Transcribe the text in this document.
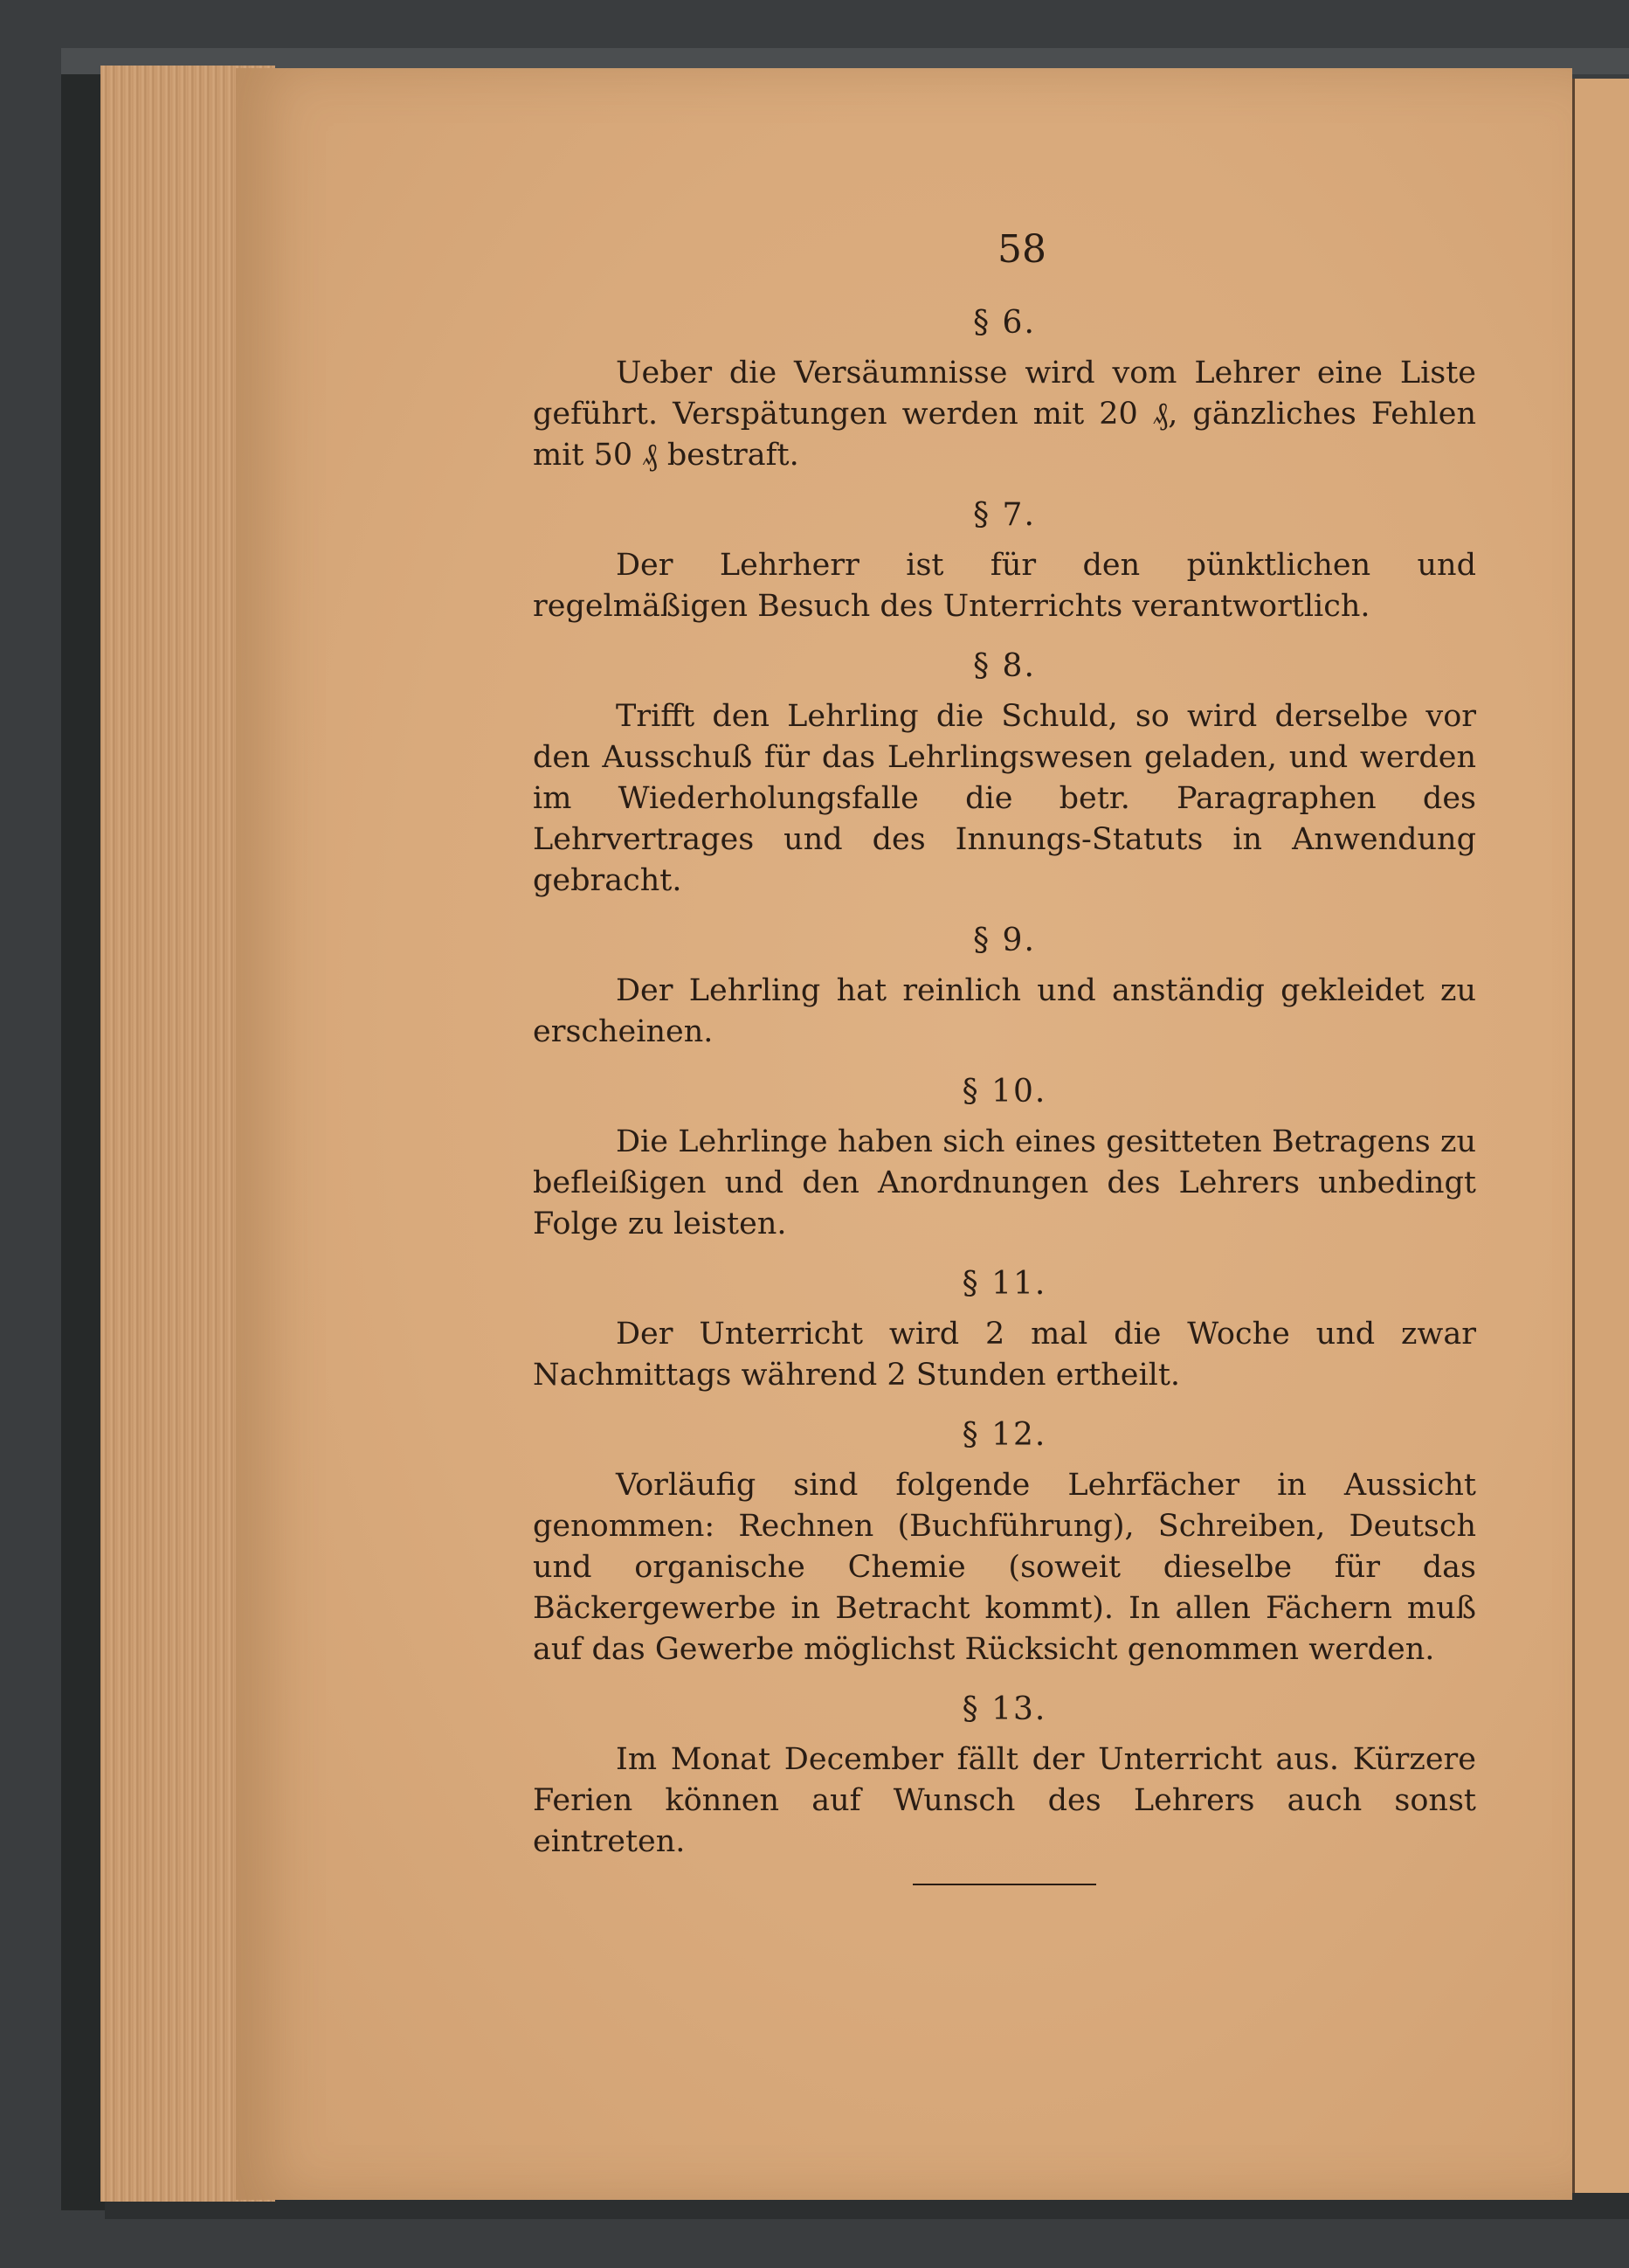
58
§ 6.

Ueber die Versäumnisse wird vom Lehrer eine Liste geführt. Verspätungen werden mit 20 ₰, gänzliches Fehlen mit 50 ₰ bestraft.

§ 7.

Der Lehrherr ist für den pünktlichen und regelmäßigen Besuch des Unterrichts verantwortlich.

§ 8.

Trifft den Lehrling die Schuld, so wird derselbe vor den Ausschuß für das Lehrlingswesen geladen, und werden im Wiederholungsfalle die betr. Paragraphen des Lehrvertrages und des Innungs-Statuts in Anwendung gebracht.

§ 9.

Der Lehrling hat reinlich und anständig gekleidet zu erscheinen.

§ 10.

Die Lehrlinge haben sich eines gesitteten Betragens zu befleißigen und den Anordnungen des Lehrers unbedingt Folge zu leisten.

§ 11.

Der Unterricht wird 2 mal die Woche und zwar Nachmittags während 2 Stunden ertheilt.

§ 12.

Vorläufig sind folgende Lehrfächer in Aussicht genommen: Rechnen (Buchführung), Schreiben, Deutsch und organische Chemie (soweit dieselbe für das Bäckergewerbe in Betracht kommt). In allen Fächern muß auf das Gewerbe möglichst Rücksicht genommen werden.

§ 13.

Im Monat December fällt der Unterricht aus. Kürzere Ferien können auf Wunsch des Lehrers auch sonst eintreten.
